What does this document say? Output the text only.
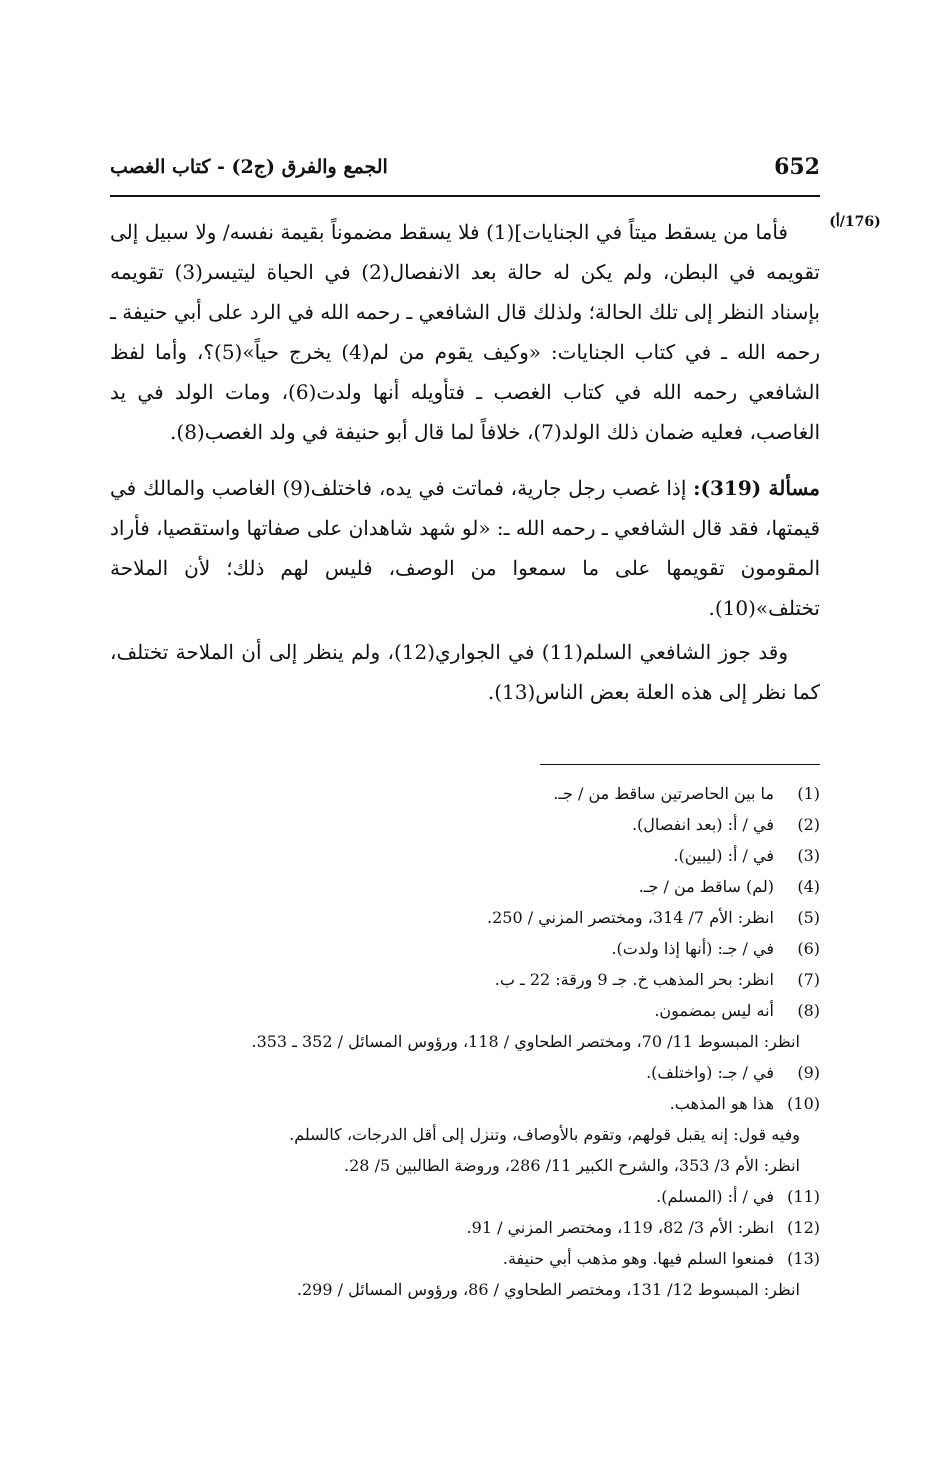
652
الجمع والفرق (ج2) - كتاب الغصب
(176/أ)

فأما من يسقط ميتاً في الجنايات](1) فلا يسقط مضموناً بقيمة نفسه/ ولا سبيل إلى تقويمه في البطن، ولم يكن له حالة بعد الانفصال(2) في الحياة ليتيسر(3) تقويمه بإسناد النظر إلى تلك الحالة؛ ولذلك قال الشافعي ـ رحمه الله في الرد على أبي حنيفة ـ رحمه الله ـ في كتاب الجنايات: «وكيف يقوم من لم(4) يخرج حياً»(5)؟، وأما لفظ الشافعي رحمه الله في كتاب الغصب ـ فتأويله أنها ولدت(6)، ومات الولد في يد الغاصب، فعليه ضمان ذلك الولد(7)، خلافاً لما قال أبو حنيفة في ولد الغصب(8).

مسألة (319): إذا غصب رجل جارية، فماتت في يده، فاختلف(9) الغاصب والمالك في قيمتها، فقد قال الشافعي ـ رحمه الله ـ: «لو شهد شاهدان على صفاتها واستقصيا، فأراد المقومون تقويمها على ما سمعوا من الوصف، فليس لهم ذلك؛ لأن الملاحة تختلف»(10).

وقد جوز الشافعي السلم(11) في الجواري(12)، ولم ينظر إلى أن الملاحة تختلف، كما نظر إلى هذه العلة بعض الناس(13).

(1)
ما بين الحاصرتين ساقط من / جـ.
(2)
في / أ: (بعد انفصال).
(3)
في / أ: (ليبين).
(4)
(لم) ساقط من / جـ.
(5)
انظر: الأم 7/ 314، ومختصر المزني / 250.
(6)
في / جـ: (أنها إذا ولدت).
(7)
انظر: بحر المذهب خ. جـ 9 ورقة: 22 ـ ب.
(8)
أنه ليس بمضمون.
انظر: المبسوط 11/ 70، ومختصر الطحاوي / 118، ورؤوس المسائل / 352 ـ 353.
(9)
في / جـ: (واختلف).
(10)
هذا هو المذهب.
وفيه قول: إنه يقبل قولهم، وتقوم بالأوصاف، وتنزل إلى أقل الدرجات، كالسلم.
انظر: الأم 3/ 353، والشرح الكبير 11/ 286، وروضة الطالبين 5/ 28.
(11)
في / أ: (المسلم).
(12)
انظر: الأم 3/ 82، 119، ومختصر المزني / 91.
(13)
فمنعوا السلم فيها. وهو مذهب أبي حنيفة.
انظر: المبسوط 12/ 131، ومختصر الطحاوي / 86، ورؤوس المسائل / 299.
